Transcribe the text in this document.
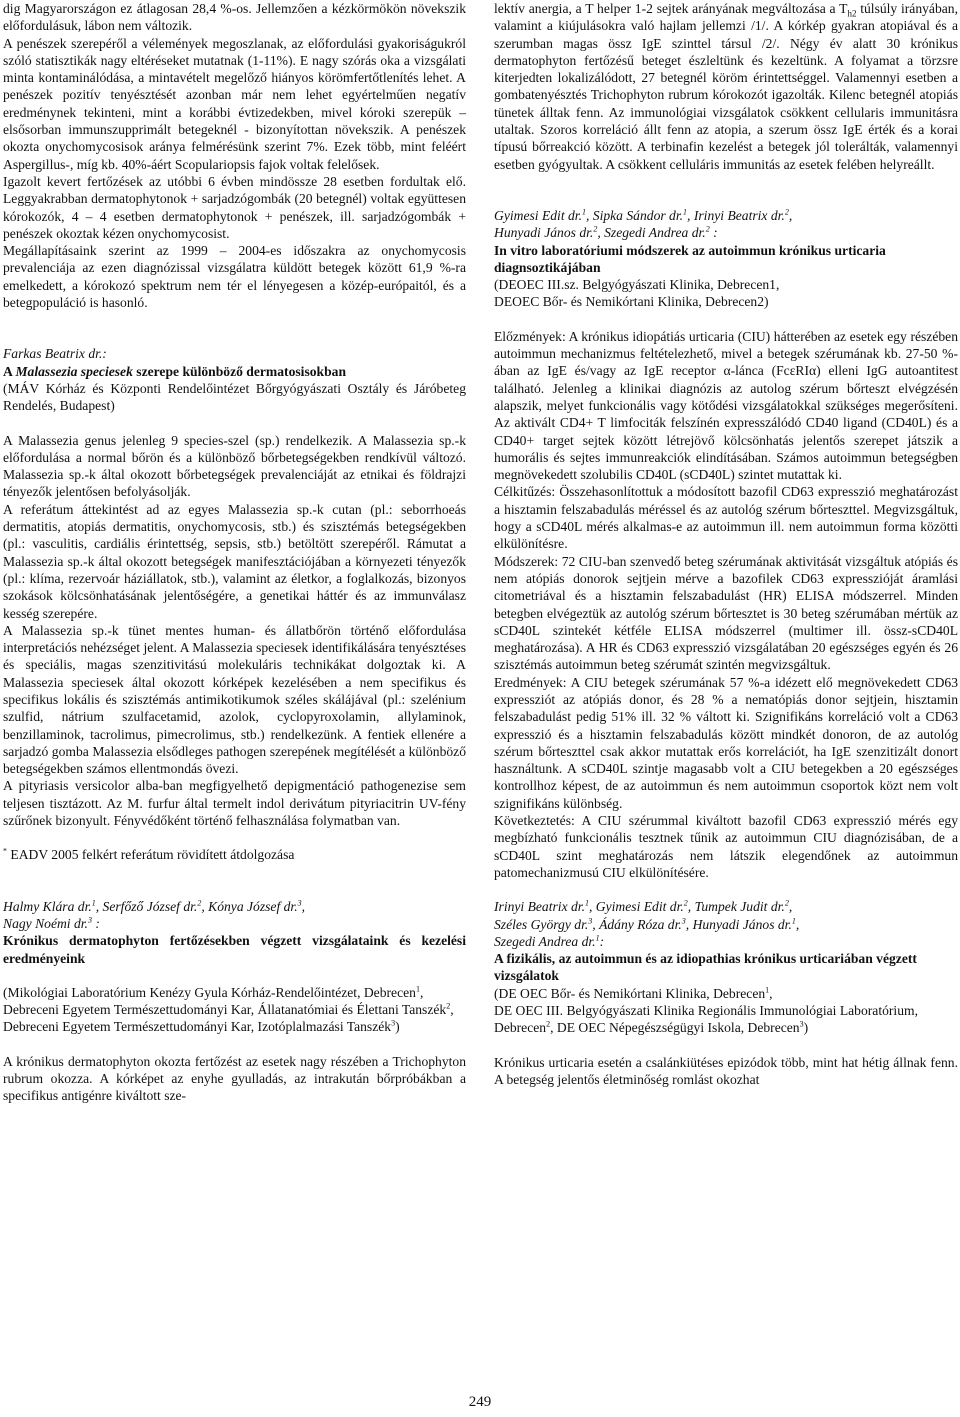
dig Magyarországon ez átlagosan 28,4 %-os. Jellemzően a kézkörmökön növekszik előfordulásuk, lábon nem változik.

A penészek szerepéről a vélemények megoszlanak, az előfordulási gyakoriságukról szóló statisztikák nagy eltéréseket mutatnak (1-11%). E nagy szórás oka a vizsgálati minta kontaminálódása, a mintavételt megelőző hiányos körömfertőtlenítés lehet. A penészek pozitív tenyésztését azonban már nem lehet egyértelműen negatív eredménynek tekinteni, mint a korábbi évtizedekben, mivel kóroki szerepük – elsősorban immunszupprimált betegeknél - bizonyítottan növekszik. A penészek okozta onychomycosisok aránya felmérésünk szerint 7%. Ezek több, mint feléért Aspergillus-, míg kb. 40%-áért Scopulariopsis fajok voltak felelősek.

Igazolt kevert fertőzések az utóbbi 6 évben mindössze 28 esetben fordultak elő. Leggyakrabban dermatophytonok + sarjadzógombák (20 betegnél) voltak együttesen kórokozók, 4 – 4 esetben dermatophytonok + penészek, ill. sarjadzógombák + penészek okoztak kézen onychomycosist.

Megállapításaink szerint az 1999 – 2004-es időszakra az onychomycosis prevalenciája az ezen diagnózissal vizsgálatra küldött betegek között 61,9 %-ra emelkedett, a kórokozó spektrum nem tér el lényegesen a közép-európaitól, és a betegpopuláció is hasonló.

Farkas Beatrix dr.:

A Malassezia speciesek szerepe különböző dermatosisokban

(MÁV Kórház és Központi Rendelőintézet Bőrgyógyászati Osztály és Járóbeteg Rendelés, Budapest)

A Malassezia genus jelenleg 9 species-szel (sp.) rendelkezik. A Malassezia sp.-k előfordulása a normal bőrön és a különböző bőrbetegségekben rendkívül változó. Malassezia sp.-k által okozott bőrbetegségek prevalenciáját az etnikai és földrajzi tényezők jelentősen befolyásolják.

A referátum áttekintést ad az egyes Malassezia sp.-k cutan (pl.: seborrhoeás dermatitis, atopiás dermatitis, onychomycosis, stb.) és szisztémás betegségekben (pl.: vasculitis, cardiális érintettség, sepsis, stb.) betöltött szerepéről. Rámutat a Malassezia sp.-k által okozott betegségek manifesztációjában a környezeti tényezők (pl.: klíma, rezervoár háziállatok, stb.), valamint az életkor, a foglalkozás, bizonyos szokások kölcsönhatásának jelentőségére, a genetikai háttér és az immunválasz kesség szerepére.

A Malassezia sp.-k tünet mentes human- és állatbőrön történő előfordulása interpretációs nehézséget jelent. A Malassezia speciesek identifikálására tenyésztéses és speciális, magas szenzitivitású molekuláris technikákat dolgoztak ki. A Malassezia speciesek által okozott kórképek kezelésében a nem specifikus és specifikus lokális és szisztémás antimikotikumok széles skálájával (pl.: szelénium szulfid, nátrium szulfacetamid, azolok, cyclopyroxolamin, allylaminok, benzillaminok, tacrolimus, pimecrolimus, stb.) rendelkezünk. A fentiek ellenére a sarjadzó gomba Malassezia elsődleges pathogen szerepének megítélését a különböző betegségekben számos ellentmondás övezi.

A pityriasis versicolor alba-ban megfigyelhető depigmentáció pathogenezise sem teljesen tisztázott. Az M. furfur által termelt indol derivátum pityriacitrin UV-fény szűrőnek bizonyult. Fényvédőként történő felhasználása folymatban van.

* EADV 2005 felkért referátum rövidített átdolgozása

Halmy Klára dr.$^1$, Serfőző József dr.$^2$, Kónya József dr.$^3$,
Nagy Noémi dr.$^3$ :

Krónikus dermatophyton fertőzésekben végzett vizsgálataink és kezelési eredményeink

(Mikológiai Laboratórium Kenézy Gyula Kórház-Rendelőintézet, Debrecen$^1$, Debreceni Egyetem Természettudományi Kar, Állatanatómiai és Élettani Tanszék$^2$, Debreceni Egyetem Természettudományi Kar, Izotóplalmazási Tanszék$^3$)

A krónikus dermatophyton okozta fertőzést az esetek nagy részében a Trichophyton rubrum okozza. A kórképet az enyhe gyulladás, az intrakután bőrpróbákban a specifikus antigénre kiváltott sze-

lektív anergia, a T helper 1-2 sejtek arányának megváltozása a $T_{h2}$ túlsúly irányában, valamint a kiújulásokra való hajlam jellemzi /1/. A kórkép gyakran atopiával és a szerumban magas össz IgE szinttel társul /2/. Négy év alatt 30 krónikus dermatophyton fertőzésű beteget észleltünk és kezeltünk. A folyamat a törzsre kiterjedten lokalizálódott, 27 betegnél köröm érintettséggel. Valamennyi esetben a gombatenyésztés Trichophyton rubrum kórokozót igazolták. Kilenc betegnél atopiás tünetek álltak fenn. Az immunológiai vizsgálatok csökkent cellularis immunitásra utaltak. Szoros korreláció állt fenn az atopia, a szerum össz IgE érték és a korai típusú bőrreakció között. A terbinafin kezelést a betegek jól tolerálták, valamennyi esetben gyógyultak. A csökkent celluláris immunitás az esetek felében helyreállt.

Gyimesi Edit dr.$^1$, Sipka Sándor dr.$^1$, Irinyi Beatrix dr.$^2$,
Hunyadi János dr.$^2$, Szegedi Andrea dr.$^2$ :

In vitro laboratóriumi módszerek az autoimmun krónikus urticaria diagnsoztikájában

(DEOEC III.sz. Belgyógyászati Klinika, Debrecen1,

DEOEC Bőr- és Nemikórtani Klinika, Debrecen2)

Előzmények: A krónikus idiopátiás urticaria (CIU) hátterében az esetek egy részében autoimmun mechanizmus feltételezhető, mivel a betegek szérumának kb. 27-50 %-ában az IgE és/vagy az IgE receptor α-lánca (FcεRIα) elleni IgG autoantitest található. Jelenleg a klinikai diagnózis az autolog szérum bőrteszt elvégzésén alapszik, melyet funkcionális vagy kötődési vizsgálatokkal szükséges megerősíteni. Az aktivált CD4+ T limfociták felszínén expresszálódó CD40 ligand (CD40L) és a CD40+ target sejtek között létrejövő kölcsönhatás jelentős szerepet játszik a humorális és sejtes immunreakciók elindításában. Számos autoimmun betegségben megnövekedett szolubilis CD40L (sCD40L) szintet mutattak ki.

Célkitűzés: Összehasonlítottuk a módosított bazofil CD63 expresszió meghatározást a hisztamin felszabadulás méréssel és az autológ szérum bőrteszttel. Megvizsgáltuk, hogy a sCD40L mérés alkalmas-e az autoimmun ill. nem autoimmun forma közötti elkülönítésre.

Módszerek: 72 CIU-ban szenvedő beteg szérumának aktivitását vizsgáltuk atópiás és nem atópiás donorok sejtjein mérve a bazofilek CD63 expresszióját áramlási citometriával és a hisztamin felszabadulást (HR) ELISA módszerrel. Minden betegben elvégeztük az autológ szérum bőrtesztet is 30 beteg szérumában mértük az sCD40L szintekét kétféle ELISA módszerrel (multimer ill. össz-sCD40L meghatározása). A HR és CD63 expresszió vizsgálatában 20 egészséges egyén és 26 szisztémás autoimmun beteg szérumát szintén megvizsgáltuk.

Eredmények: A CIU betegek szérumának 57 %-a idézett elő megnövekedett CD63 expressziót az atópiás donor, és 28 % a nematópiás donor sejtjein, hisztamin felszabadulást pedig 51% ill. 32 % váltott ki. Szignifikáns korreláció volt a CD63 expresszió és a hisztamin felszabadulás között mindkét donoron, de az autológ szérum bőrteszttel csak akkor mutattak erős korrelációt, ha IgE szenzitizált donort használtunk. A sCD40L szintje magasabb volt a CIU betegekben a 20 egészséges kontrollhoz képest, de az autoimmun és nem autoimmun csoportok közt nem volt szignifikáns különbség.

Következtetés: A CIU szérummal kiváltott bazofil CD63 expresszió mérés egy megbízható funkcionális tesztnek tűnik az autoimmun CIU diagnózisában, de a sCD40L szint meghatározás nem látszik elegendőnek az autoimmun patomechanizmusú CIU elkülönítésére.

Irinyi Beatrix dr.$^1$, Gyimesi Edit dr.$^2$, Tumpek Judit dr.$^2$,
Széles György dr.$^3$, Ádány Róza dr.$^3$, Hunyadi János dr.$^1$,
Szegedi Andrea dr.$^1$:

A fizikális, az autoimmun és az idiopathias krónikus urticariában végzett vizsgálatok

(DE OEC Bőr- és Nemikórtani Klinika, Debrecen$^1$,
DE OEC III. Belgyógyászati Klinika Regionális Immunológiai Laboratórium, Debrecen$^2$, DE OEC Népegészségügyi Iskola, Debrecen$^3$)

Krónikus urticaria esetén a csalánkiütéses epizódok több, mint hat hétig állnak fenn. A betegség jelentős életminőség romlást okozhat

249
